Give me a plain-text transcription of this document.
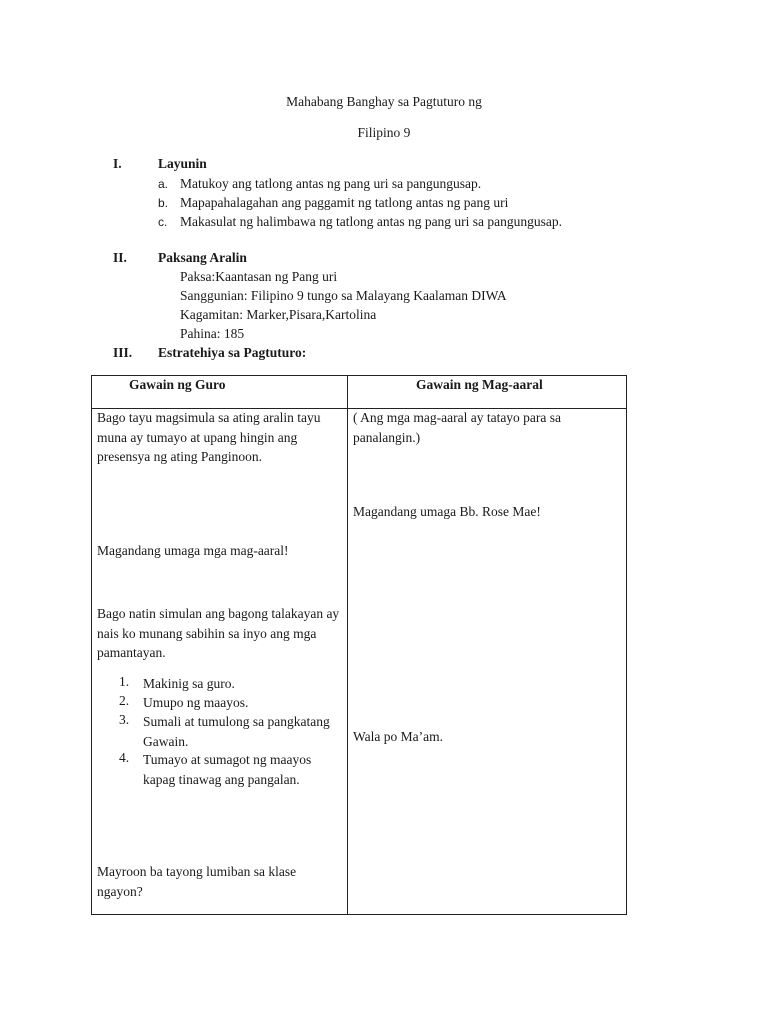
Mahabang Banghay sa Pagtuturo ng
Filipino 9
I.	Layunin
a. Matukoy ang tatlong antas ng pang uri sa pangungusap.
b. Mapapahalagahan ang paggamit ng tatlong antas ng pang uri
c. Makasulat ng halimbawa ng tatlong antas ng pang uri sa pangungusap.
II. Paksang Aralin
Paksa:Kaantasan ng Pang uri
Sanggunian: Filipino 9 tungo sa Malayang Kaalaman DIWA
Kagamitan: Marker,Pisara,Kartolina
Pahina: 185
III. Estratehiya sa Pagtuturo:
Gawain ng Guro	Gawain ng Mag-aaral
Bago tayu magsimula sa ating aralin tayu muna ay tumayo at upang hingin ang presensya ng ating Panginoon.
Magandang umaga mga mag-aaral!
Bago natin simulan ang bagong talakayan ay nais ko munang sabihin sa inyo ang mga pamantayan.
1. Makinig sa guro.
2. Umupo ng maayos.
3. Sumali at tumulong sa pangkatang Gawain.
4. Tumayo at sumagot ng maayos kapag tinawag ang pangalan.
Mayroon ba tayong lumiban sa klase ngayon?
( Ang mga mag-aaral ay tatayo para sa panalangin.)
Magandang umaga Bb. Rose Mae!
Wala po Ma’am.
